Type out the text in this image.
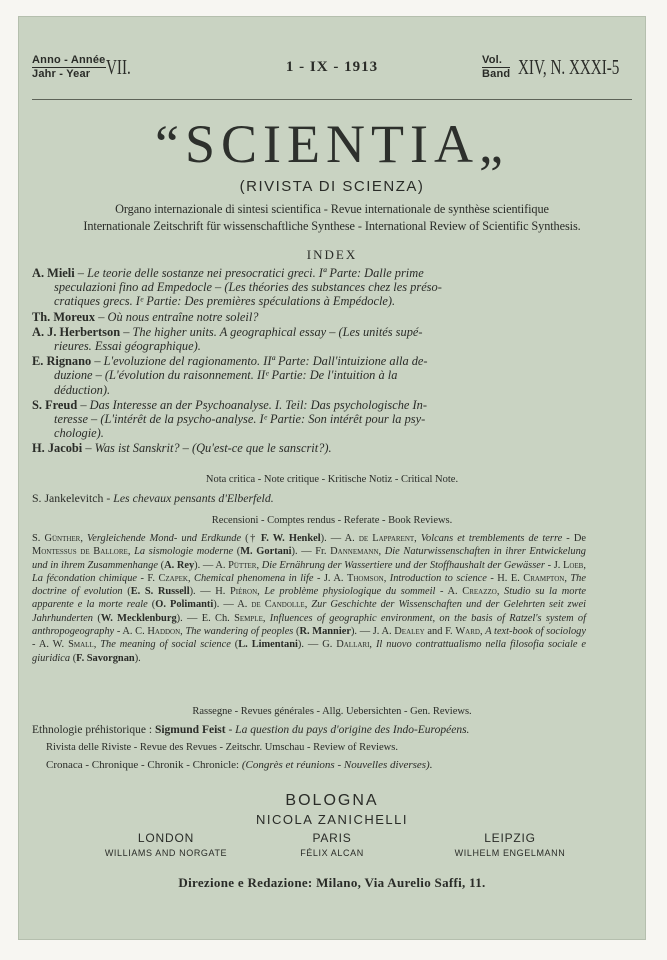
Anno - Année
Jahr - Year VII.	1 - IX - 1913	Vol.
Band XIV, N. XXXI-5
“SCIENTIA„
(RIVISTA DI SCIENZA)
Organo internazionale di sintesi scientifica - Revue internationale de synthèse scientifique
Internationale Zeitschrift für wissenschaftliche Synthese - International Review of Scientific Synthesis.
INDEX
A. Mieli – Le teorie delle sostanze nei presocratici greci. Iª Parte: Dalle prime
speculazioni fino ad Empedocle – (Les théories des substances chez les préso-
cratiques grecs. Iᵉ Partie: Des premières spéculations à Empédocle).
Th. Moreux – Où nous entraîne notre soleil?
A. J. Herbertson – The higher units. A geographical essay – (Les unités supé-
rieures. Essai géographique).
E. Rignano – L'evoluzione del ragionamento. IIª Parte: Dall'intuizione alla de-
duzione – (L'évolution du raisonnement. IIᵉ Partie: De l'intuition à la
déduction).
S. Freud – Das Interesse an der Psychoanalyse. I. Teil: Das psychologische In-
teresse – (L'intérêt de la psycho-analyse. Iᵉ Partie: Son intérêt pour la psy-
chologie).
H. Jacobi – Was ist Sanskrit? – (Qu'est-ce que le sanscrit?).
Nota critica - Note critique - Kritische Notiz - Critical Note.
S. Jankelevitch - Les chevaux pensants d'Elberfeld.
Recensioni - Comptes rendus - Referate - Book Reviews.
S. Günther, Vergleichende Mond- und Erdkunde († F. W. Henkel). — A. de Lapparent, Volcans et tremblements de terre - De Montessus de Ballore, La sismologie moderne (M. Gortani). — Fr. Dannemann, Die Naturwissenschaften in ihrer Entwickelung und in ihrem Zusammenhange (A. Rey). — A. Pütter, Die Ernährung der Wassertiere und der Stoffhaushalt der Gewässer - J. Loeb, La fécondation chimique - F. Czapek, Chemical phenomena in life - J. A. Thomson, Introduction to science - H. E. Crampton, The doctrine of evolution (E. S. Russell). — H. Piéron, Le problème physiologique du sommeil - A. Creazzo, Studio su la morte apparente e la morte reale (O. Polimanti). — A. de Candolle, Zur Geschichte der Wissenschaften und der Gelehrten seit zwei Jahrhunderten (W. Mecklenburg). — E. Ch. Semple, Influences of geographic environment, on the basis of Ratzel's system of anthropogeography - A. C. Haddon, The wandering of peoples (R. Mannier). — J. A. Dealey and F. Ward, A text-book of sociology - A. W. Small, The meaning of social science (L. Limentani). — G. Dallari, Il nuovo contrattualismo nella filosofia sociale e giuridica (F. Savorgnan).
Rassegne - Revues générales - Allg. Uebersichten - Gen. Reviews.
Ethnologie préhistorique : Sigmund Feist - La question du pays d'origine des Indo-Européens.
Rivista delle Riviste - Revue des Revues - Zeitschr. Umschau - Review of Reviews.
Cronaca - Chronique - Chronik - Chronicle: (Congrès et réunions - Nouvelles diverses).
BOLOGNA
NICOLA ZANICHELLI
LONDON
WILLIAMS AND NORGATE
PARIS
FÉLIX ALCAN
LEIPZIG
WILHELM ENGELMANN
Direzione e Redazione: Milano, Via Aurelio Saffi, 11.
